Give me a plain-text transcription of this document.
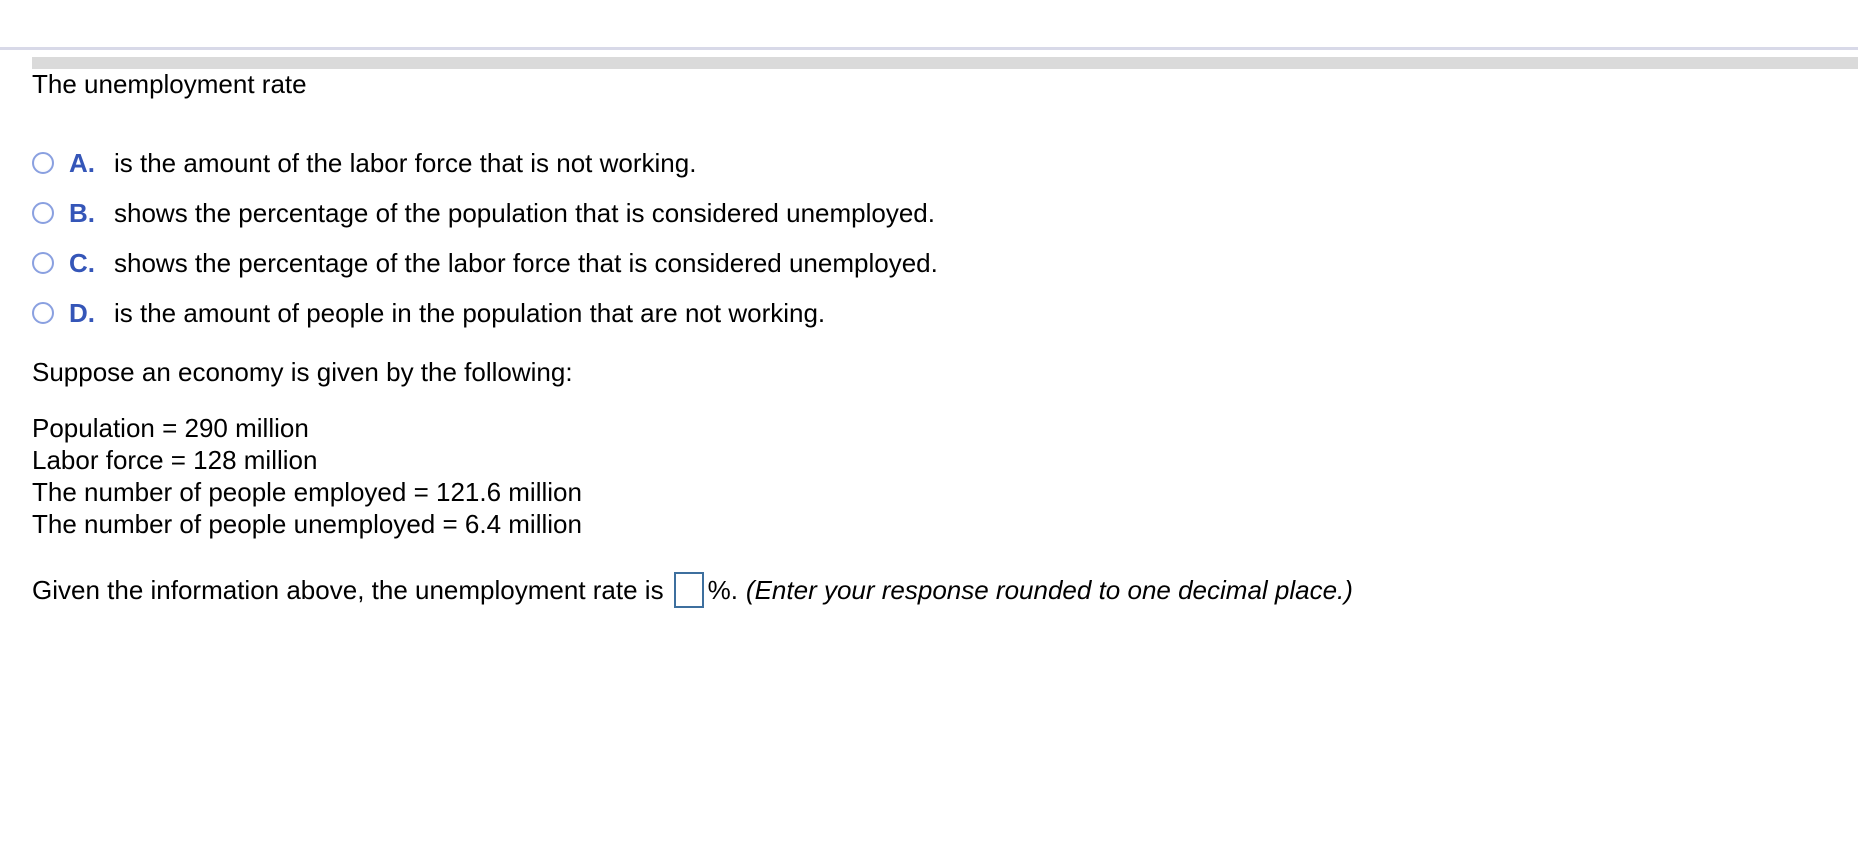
The unemployment rate
A. is the amount of the labor force that is not working.
B. shows the percentage of the population that is considered unemployed.
C. shows the percentage of the labor force that is considered unemployed.
D. is the amount of people in the population that are not working.
Suppose an economy is given by the following:
Population = 290 million
Labor force = 128 million
The number of people employed = 121.6 million
The number of people unemployed = 6.4 million
Given the information above, the unemployment rate is %. (Enter your response rounded to one decimal place.)
